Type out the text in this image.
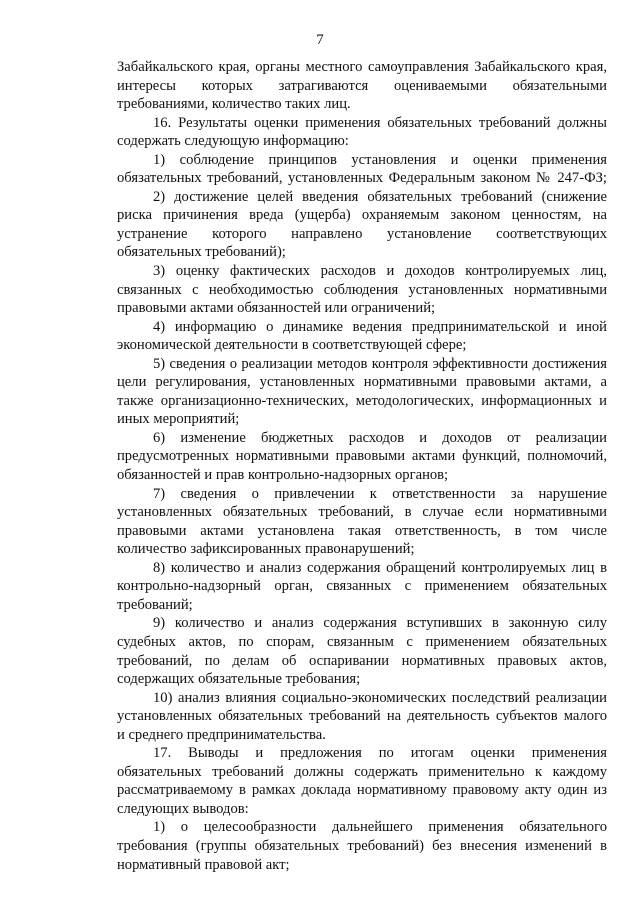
7
Забайкальского края, органы местного самоуправления Забайкальского края,
интересы которых затрагиваются оцениваемыми обязательными
требованиями, количество таких лиц.
16. Результаты оценки применения обязательных требований должны
содержать следующую информацию:
1) соблюдение принципов установления и оценки применения
обязательных требований, установленных Федеральным законом № 247-ФЗ;
2) достижение целей введения обязательных требований (снижение
риска причинения вреда (ущерба) охраняемым законом ценностям, на
устранение которого направлено установление соответствующих
обязательных требований);
3) оценку фактических расходов и доходов контролируемых лиц,
связанных с необходимостью соблюдения установленных нормативными
правовыми актами обязанностей или ограничений;
4) информацию о динамике ведения предпринимательской и иной
экономической деятельности в соответствующей сфере;
5) сведения о реализации методов контроля эффективности достижения
цели регулирования, установленных нормативными правовыми актами, а
также организационно-технических, методологических, информационных и
иных мероприятий;
6) изменение бюджетных расходов и доходов от реализации
предусмотренных нормативными правовыми актами функций, полномочий,
обязанностей и прав контрольно-надзорных органов;
7) сведения о привлечении к ответственности за нарушение
установленных обязательных требований, в случае если нормативными
правовыми актами установлена такая ответственность, в том числе
количество зафиксированных правонарушений;
8) количество и анализ содержания обращений контролируемых лиц в
контрольно-надзорный орган, связанных с применением обязательных
требований;
9) количество и анализ содержания вступивших в законную силу
судебных актов, по спорам, связанным с применением обязательных
требований, по делам об оспаривании нормативных правовых актов,
содержащих обязательные требования;
10) анализ влияния социально-экономических последствий реализации
установленных обязательных требований на деятельность субъектов малого
и среднего предпринимательства.
17. Выводы и предложения по итогам оценки применения
обязательных требований должны содержать применительно к каждому
рассматриваемому в рамках доклада нормативному правовому акту один из
следующих выводов:
1) о целесообразности дальнейшего применения обязательного
требования (группы обязательных требований) без внесения изменений в
нормативный правовой акт;
